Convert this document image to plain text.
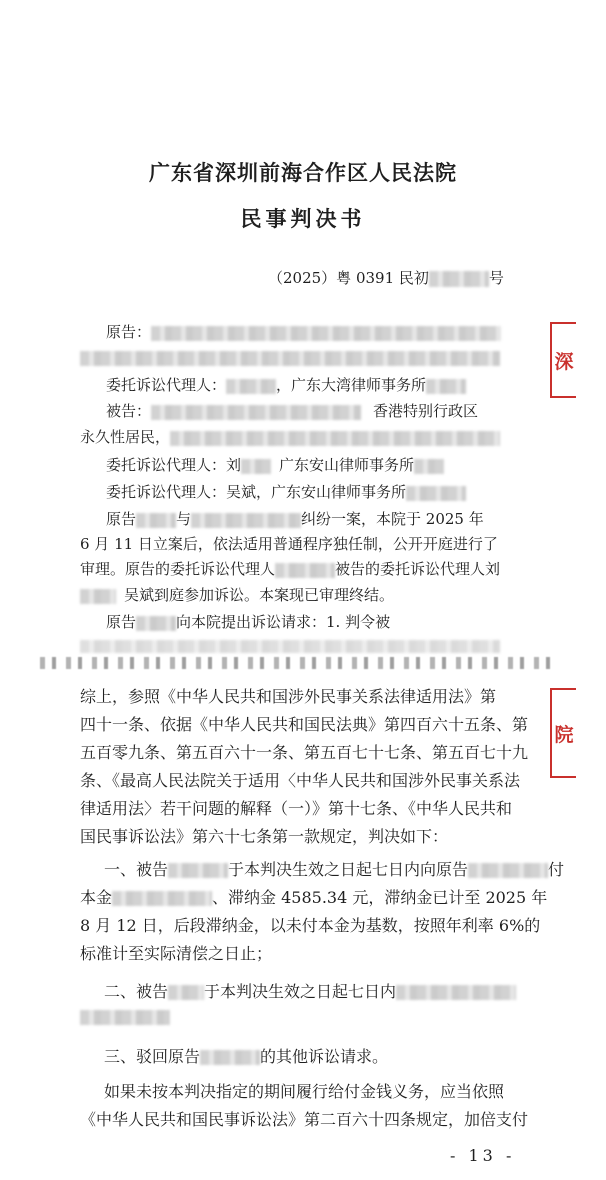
深
院
广东省深圳前海合作区人民法院
民事判决书
（2025）粤 0391 民初	号
原告：
委托诉讼代理人：	，广东大湾律师事务所
被告：	香港特别行政区
永久性居民，
委托诉讼代理人：刘	广东安山律师事务所
委托诉讼代理人：吴斌，广东安山律师事务所
原告	与	纠纷一案，本院于 2025 年
6 月 11 日立案后，依法适用普通程序独任制，公开开庭进行了
审理。原告的委托诉讼代理人	被告的委托诉讼代理人刘
吴斌到庭参加诉讼。本案现已审理终结。
原告	向本院提出诉讼请求：1. 判令被
综上，参照《中华人民共和国涉外民事关系法律适用法》第
四十一条、依据《中华人民共和国民法典》第四百六十五条、第
五百零九条、第五百六十一条、第五百七十七条、第五百七十九
条、《最高人民法院关于适用〈中华人民共和国涉外民事关系法
律适用法〉若干问题的解释（一）》第十七条、《中华人民共和
国民事诉讼法》第六十七条第一款规定，判决如下：
一、被告	于本判决生效之日起七日内向原告	付
本金	、滞纳金 4585.34 元，滞纳金已计至 2025 年
8 月 12 日，后段滞纳金，以未付本金为基数，按照年利率 6%的
标准计至实际清偿之日止；
二、被告 于本判决生效之日起七日内
三、驳回原告	的其他诉讼请求。
如果未按本判决指定的期间履行给付金钱义务，应当依照
《中华人民共和国民事诉讼法》第二百六十四条规定，加倍支付
- 13 -
